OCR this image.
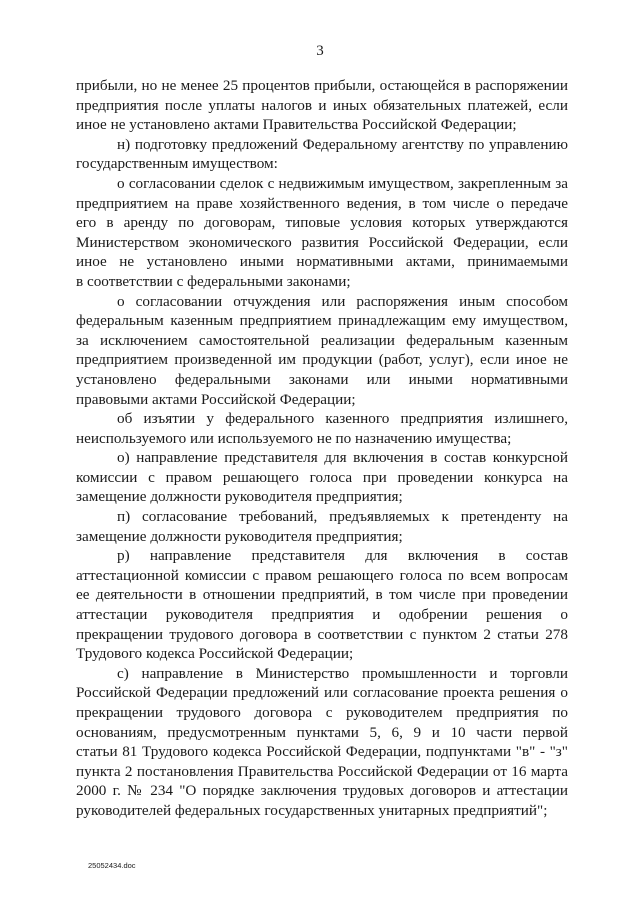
3
прибыли, но не менее 25 процентов прибыли, остающейся в распоряжении
предприятия после уплаты налогов и иных обязательных платежей, если
иное не установлено актами Правительства Российской Федерации;
н) подготовку предложений Федеральному агентству по управлению
государственным имуществом:
о согласовании сделок с недвижимым имуществом, закрепленным за
предприятием на праве хозяйственного ведения, в том числе о передаче
его в аренду по договорам, типовые условия которых утверждаются
Министерством экономического развития Российской Федерации, если
иное не установлено иными нормативными актами, принимаемыми
в соответствии с федеральными законами;
о согласовании отчуждения или распоряжения иным способом
федеральным казенным предприятием принадлежащим ему имуществом,
за исключением самостоятельной реализации федеральным казенным
предприятием произведенной им продукции (работ, услуг), если иное не
установлено федеральными законами или иными нормативными
правовыми актами Российской Федерации;
об изъятии у федерального казенного предприятия излишнего,
неиспользуемого или используемого не по назначению имущества;
о) направление представителя для включения в состав конкурсной
комиссии с правом решающего голоса при проведении конкурса на
замещение должности руководителя предприятия;
п) согласование требований, предъявляемых к претенденту на
замещение должности руководителя предприятия;
р) направление представителя для включения в состав
аттестационной комиссии с правом решающего голоса по всем вопросам
ее деятельности в отношении предприятий, в том числе при проведении
аттестации руководителя предприятия и одобрении решения о
прекращении трудового договора в соответствии с пунктом 2 статьи 278
Трудового кодекса Российской Федерации;
с) направление в Министерство промышленности и торговли
Российской Федерации предложений или согласование проекта решения о
прекращении трудового договора с руководителем предприятия по
основаниям, предусмотренным пунктами 5, 6, 9 и 10 части первой
статьи 81 Трудового кодекса Российской Федерации, подпунктами "в" - "з"
пункта 2 постановления Правительства Российской Федерации от 16 марта
2000 г. № 234 "О порядке заключения трудовых договоров и аттестации
руководителей федеральных государственных унитарных предприятий";
25052434.doc
